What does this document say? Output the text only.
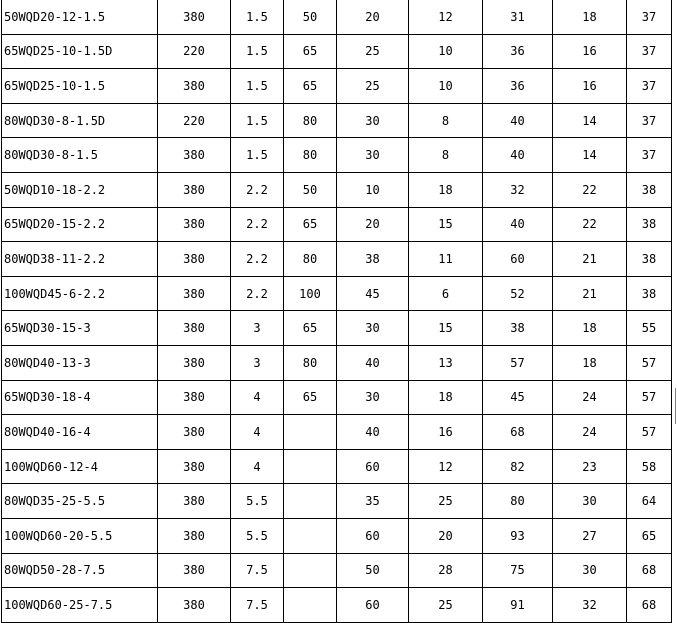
50WQD20-12-1.5	380	1.5	50	20	12	31	18	37
65WQD25-10-1.5D	220	1.5	65	25	10	36	16	37
65WQD25-10-1.5	380	1.5	65	25	10	36	16	37
80WQD30-8-1.5D	220	1.5	80	30	8	40	14	37
80WQD30-8-1.5	380	1.5	80	30	8	40	14	37
50WQD10-18-2.2	380	2.2	50	10	18	32	22	38
65WQD20-15-2.2	380	2.2	65	20	15	40	22	38
80WQD38-11-2.2	380	2.2	80	38	11	60	21	38
100WQD45-6-2.2	380	2.2	100	45	6	52	21	38
65WQD30-15-3	380	3	65	30	15	38	18	55
80WQD40-13-3	380	3	80	40	13	57	18	57
65WQD30-18-4	380	4	65	30	18	45	24	57
80WQD40-16-4	380	4		40	16	68	24	57
100WQD60-12-4	380	4		60	12	82	23	58
80WQD35-25-5.5	380	5.5		35	25	80	30	64
100WQD60-20-5.5	380	5.5		60	20	93	27	65
80WQD50-28-7.5	380	7.5		50	28	75	30	68
100WQD60-25-7.5	380	7.5		60	25	91	32	68
